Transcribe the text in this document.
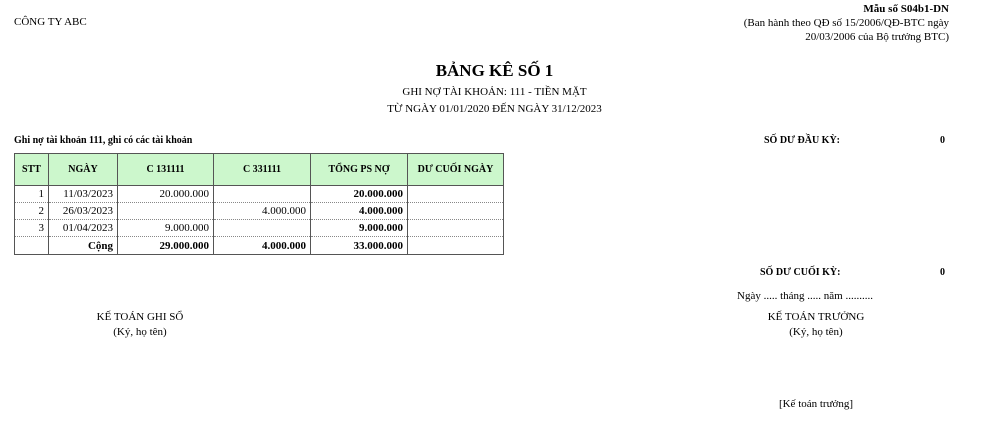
CÔNG TY ABC
Mẫu số S04b1-DN
(Ban hành theo QĐ số 15/2006/QĐ-BTC ngày
20/03/2006 của Bộ trưởng BTC)
BẢNG KÊ SỐ 1
GHI NỢ TÀI KHOẢN: 111 - TIỀN MẶT
TỪ NGÀY 01/01/2020 ĐẾN NGÀY 31/12/2023
Ghi nợ tài khoản 111, ghi có các tài khoản	SỐ DƯ ĐẦU KỲ:	0
STT	NGÀY	C 131111	C 331111	TỔNG PS NỢ	DƯ CUỐI NGÀY
1	11/03/2023	20.000.000		20.000.000	
2	26/03/2023		4.000.000	4.000.000	
3	01/04/2023	9.000.000		9.000.000	
	Cộng	29.000.000	4.000.000	33.000.000	
SỐ DƯ CUỐI KỲ:	0
Ngày ..... tháng ..... năm ..........
KẾ TOÁN GHI SỔ
(Ký, họ tên)
KẾ TOÁN TRƯỞNG
(Ký, họ tên)
[Kế toán trưởng]
